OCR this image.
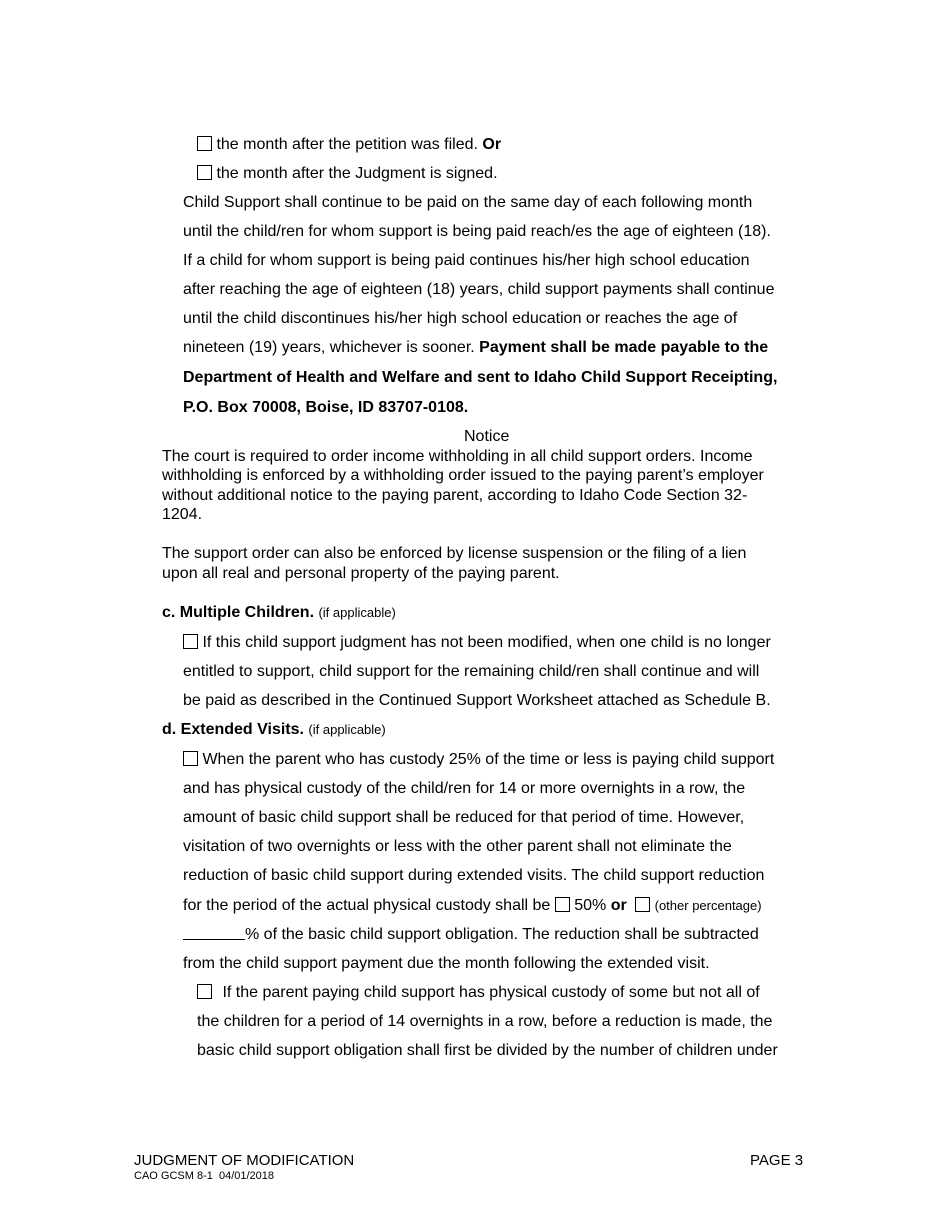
the month after the petition was filed. Or
the month after the Judgment is signed.
Child Support shall continue to be paid on the same day of each following month
until the child/ren for whom support is being paid reach/es the age of eighteen (18).
If a child for whom support is being paid continues his/her high school education
after reaching the age of eighteen (18) years, child support payments shall continue
until the child discontinues his/her high school education or reaches the age of
nineteen (19) years, whichever is sooner. Payment shall be made payable to the
Department of Health and Welfare and sent to Idaho Child Support Receipting,
P.O. Box 70008, Boise, ID 83707-0108.
Notice
The court is required to order income withholding in all child support orders. Income
withholding is enforced by a withholding order issued to the paying parent’s employer
without additional notice to the paying parent, according to Idaho Code Section 32-
1204.
The support order can also be enforced by license suspension or the filing of a lien
upon all real and personal property of the paying parent.
c. Multiple Children. (if applicable)
If this child support judgment has not been modified, when one child is no longer
entitled to support, child support for the remaining child/ren shall continue and will
be paid as described in the Continued Support Worksheet attached as Schedule B.
d. Extended Visits. (if applicable)
When the parent who has custody 25% of the time or less is paying child support
and has physical custody of the child/ren for 14 or more overnights in a row, the
amount of basic child support shall be reduced for that period of time. However,
visitation of two overnights or less with the other parent shall not eliminate the
reduction of basic child support during extended visits. The child support reduction
for the period of the actual physical custody shall be 50% or (other percentage)
% of the basic child support obligation. The reduction shall be subtracted
from the child support payment due the month following the extended visit.
If the parent paying child support has physical custody of some but not all of
the children for a period of 14 overnights in a row, before a reduction is made, the
basic child support obligation shall first be divided by the number of children under
JUDGMENT OF MODIFICATION
CAO GCSM 8-1  04/01/2018
PAGE 3
